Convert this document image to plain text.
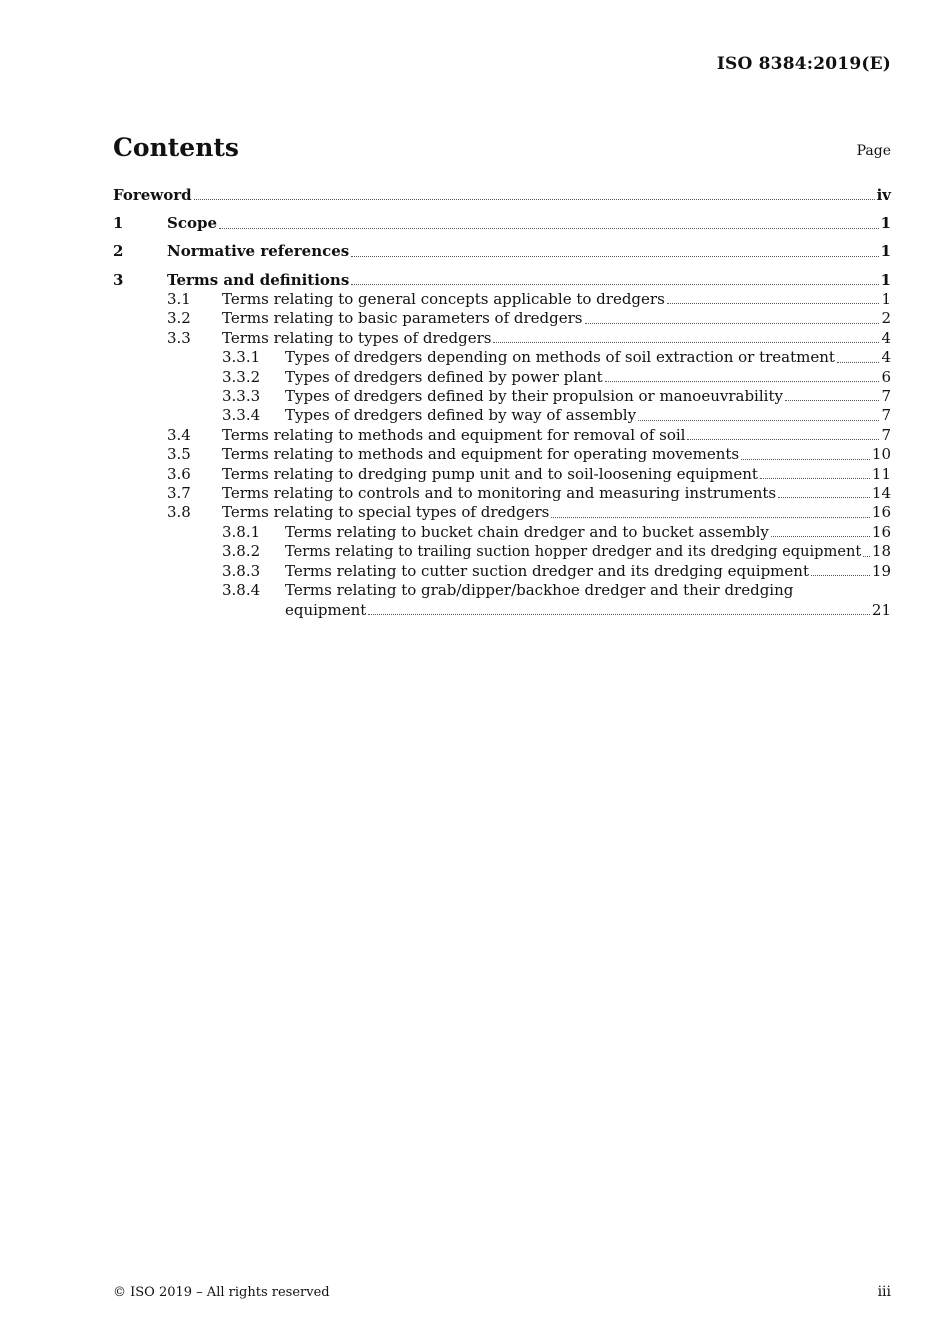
ISO 8384:2019(E)
Contents	Page
Foreword	iv
1	Scope	1
2	Normative references	1
3	Terms and definitions	1
3.1	Terms relating to general concepts applicable to dredgers	1
3.2	Terms relating to basic parameters of dredgers	2
3.3	Terms relating to types of dredgers	4
3.3.1	Types of dredgers depending on methods of soil extraction or treatment	4
3.3.2	Types of dredgers defined by power plant	6
3.3.3	Types of dredgers defined by their propulsion or manoeuvrability	7
3.3.4	Types of dredgers defined by way of assembly	7
3.4	Terms relating to methods and equipment for removal of soil	7
3.5	Terms relating to methods and equipment for operating movements	10
3.6	Terms relating to dredging pump unit and to soil-loosening equipment	11
3.7	Terms relating to controls and to monitoring and measuring instruments	14
3.8	Terms relating to special types of dredgers	16
3.8.1	Terms relating to bucket chain dredger and to bucket assembly	16
3.8.2	Terms relating to trailing suction hopper dredger and its dredging equipment 18
3.8.3	Terms relating to cutter suction dredger and its dredging equipment	19
3.8.4	Terms relating to grab/dipper/backhoe dredger and their dredging
equipment	21
© ISO 2019 – All rights reserved	iii
